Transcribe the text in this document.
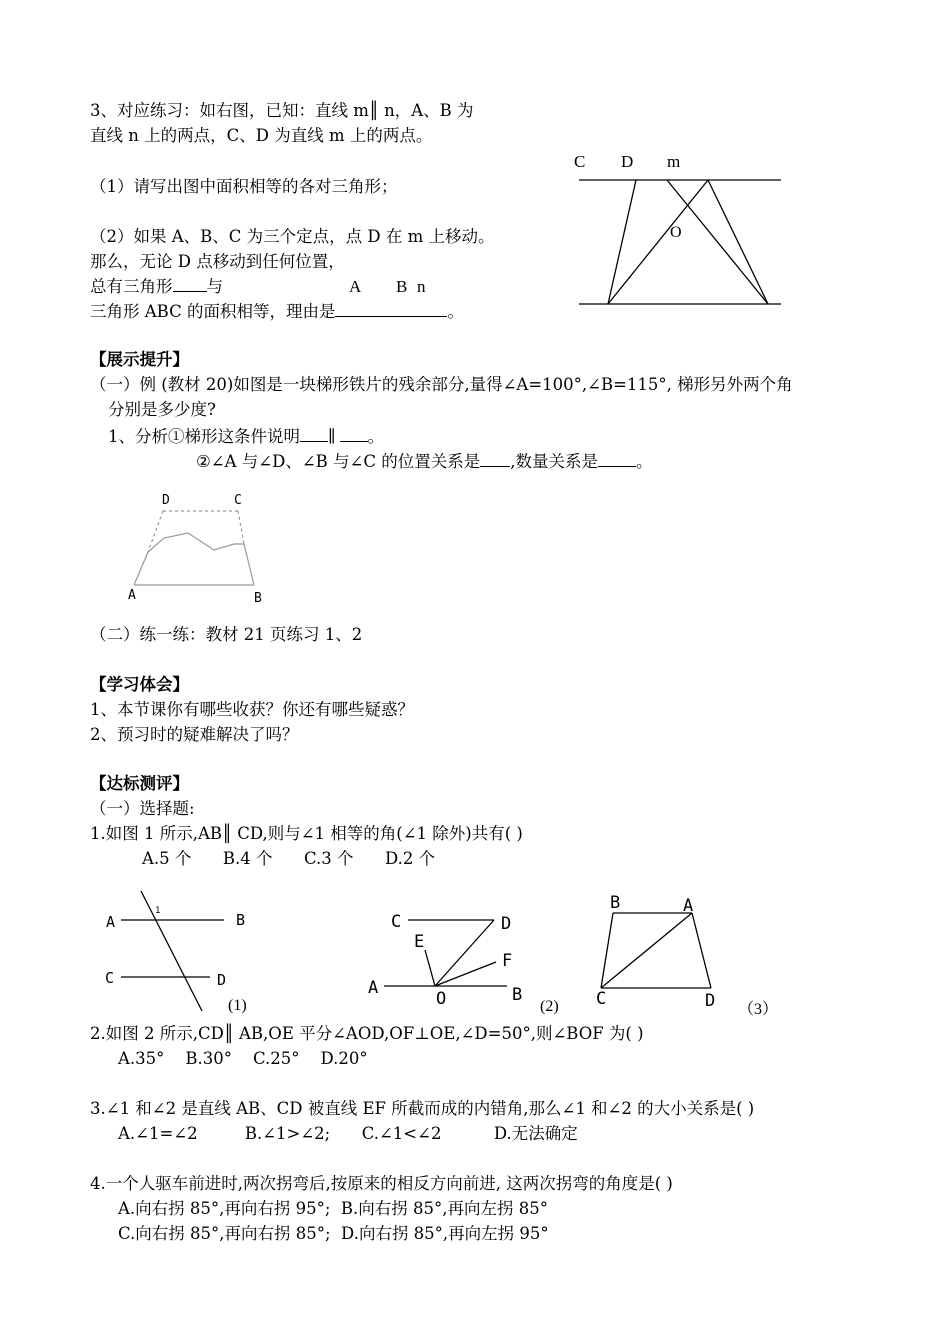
3、对应练习：如右图，已知：直线 m║ n，A、B 为
直线 n 上的两点，C、D 为直线 m 上的两点。
（1）请写出图中面积相等的各对三角形；
（2）如果 A、B、C 为三个定点，点 D 在 m 上移动。
那么，无论 D 点移动到任何位置，
总有三角形 与
三角形 ABC 的面积相等，理由是	。
C D m
O
A B n
【展示提升】
（一）例 (教材 20)如图是一块梯形铁片的残余部分,量得∠A=100°,∠B=115°, 梯形另外两个角
分别是多少度?
1、分析①梯形这条件说明 ∥ 。
②∠A 与∠D、∠B 与∠C 的位置关系是 ,数量关系是 。
D	C
A	B
（二）练一练：教材 21 页练习 1、2
【学习体会】
1、本节课你有哪些收获？你还有哪些疑惑？
2、预习时的疑难解决了吗？
【达标测评】
（一）选择题:
1.如图 1 所示,AB║ CD,则与∠1 相等的角(∠1 除外)共有( )
A.5 个      B.4 个      C.3 个      D.2 个
A	B
1
C	D
(1)
C	D
E
F
A
O	B
(2)
B	A
C	D （3）
2.如图 2 所示,CD║ AB,OE 平分∠AOD,OF⊥OE,∠D=50°,则∠BOF 为( )
A.35°    B.30°    C.25°    D.20°
3.∠1 和∠2 是直线 AB、CD 被直线 EF 所截而成的内错角,那么∠1 和∠2 的大小关系是( )
A.∠1=∠2         B.∠1>∠2;      C.∠1<∠2          D.无法确定
4.一个人驱车前进时,两次拐弯后,按原来的相反方向前进, 这两次拐弯的角度是( )
A.向右拐 85°,再向右拐 95°;  B.向右拐 85°,再向左拐 85°
C.向右拐 85°,再向右拐 85°;  D.向右拐 85°,再向左拐 95°
